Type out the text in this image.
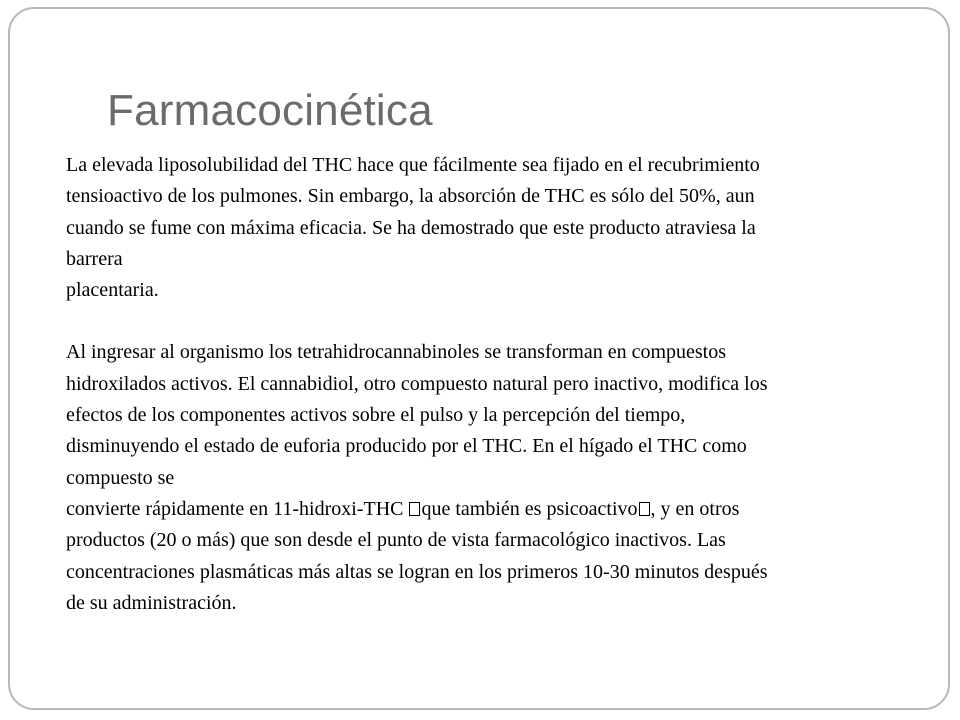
Farmacocinética

La elevada liposolubilidad del THC hace que fácilmente sea fijado en el recubrimiento

tensioactivo de los pulmones. Sin embargo, la absorción de THC es sólo del 50%, aun

cuando se fume con máxima eficacia. Se ha demostrado que este producto atraviesa la

barrera

placentaria.

Al ingresar al organismo los tetrahidrocannabinoles se transforman en compuestos

hidroxilados activos. El cannabidiol, otro compuesto natural pero inactivo, modifica los

efectos de los componentes activos sobre el pulso y la percepción del tiempo,

disminuyendo el estado de euforia producido por el THC. En el hígado el THC como

compuesto se

convierte rápidamente en 11-hidroxi-THC que también es psicoactivo , y en otros

productos (20 o más) que son desde el punto de vista farmacológico inactivos. Las

concentraciones plasmáticas más altas se logran en los primeros 10-30 minutos después

de su administración.
